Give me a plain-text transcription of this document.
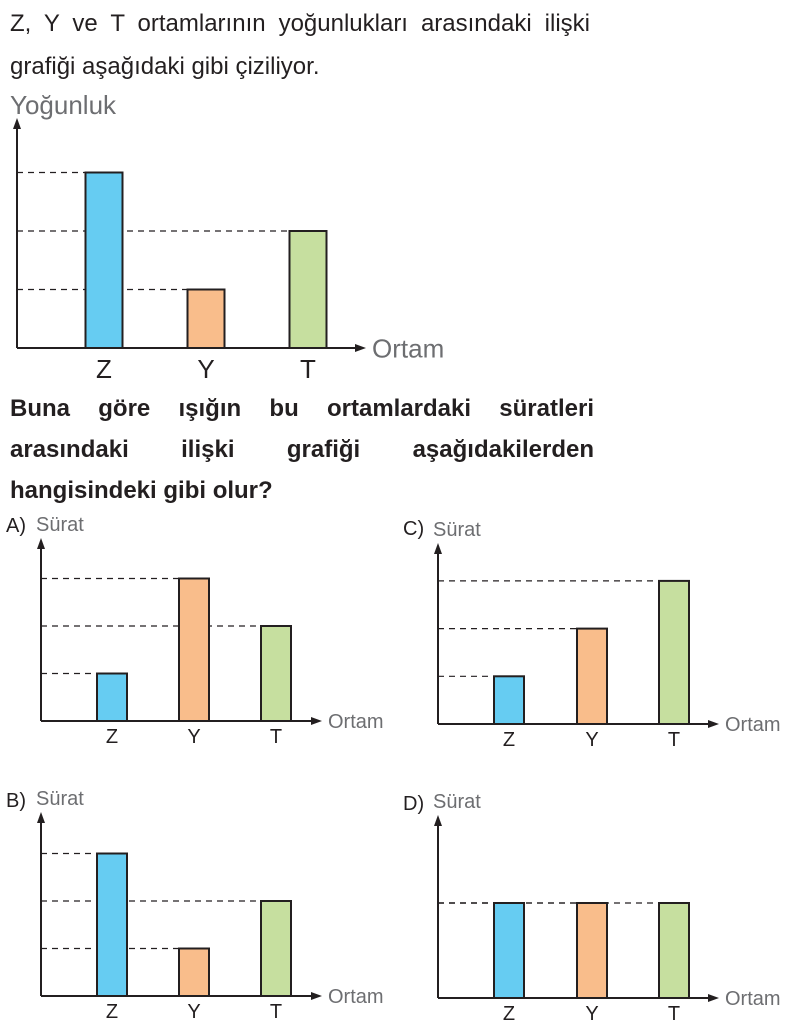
Z, Y ve T ortamlarının yoğunlukları arasındaki ilişki grafiği aşağıdaki gibi çiziliyor.

Yoğunluk
Ortam
Z	Y	T

Buna göre ışığın bu ortamlardaki süratleri arasındaki ilişki grafiği aşağıdakilerden hangisindeki gibi olur?

A) Sürat
Ortam
Z	Y	T
B) Sürat
Ortam
Z	Y	T
C) Sürat
Ortam
Z	Y	T
D) Sürat
Ortam
Z	Y	T
